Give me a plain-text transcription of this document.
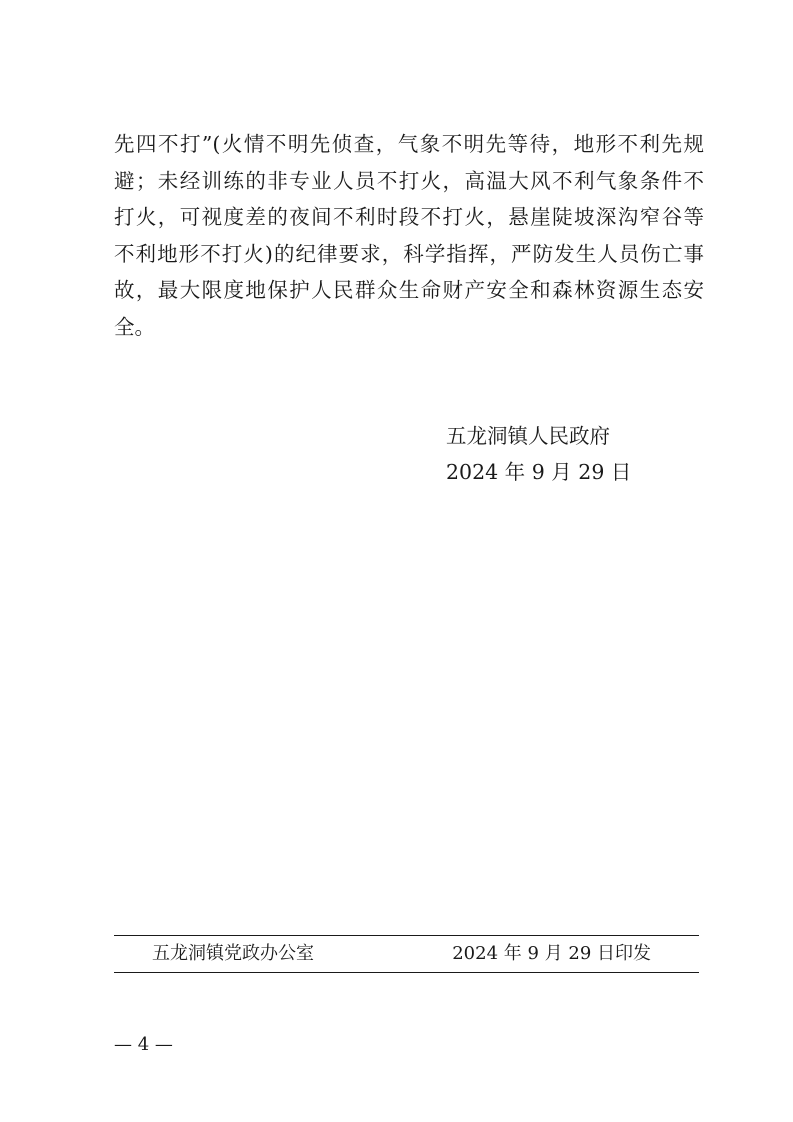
先四不打”(火情不明先侦查，气象不明先等待，地形不利先规
避；未经训练的非专业人员不打火，高温大风不利气象条件不
打火，可视度差的夜间不利时段不打火，悬崖陡坡深沟窄谷等
不利地形不打火)的纪律要求，科学指挥，严防发生人员伤亡事
故，最大限度地保护人民群众生命财产安全和森林资源生态安
全。
五龙洞镇人民政府
2024 年 9 月 29 日
五龙洞镇党政办公室	2024 年 9 月 29 日印发
— 4 —
